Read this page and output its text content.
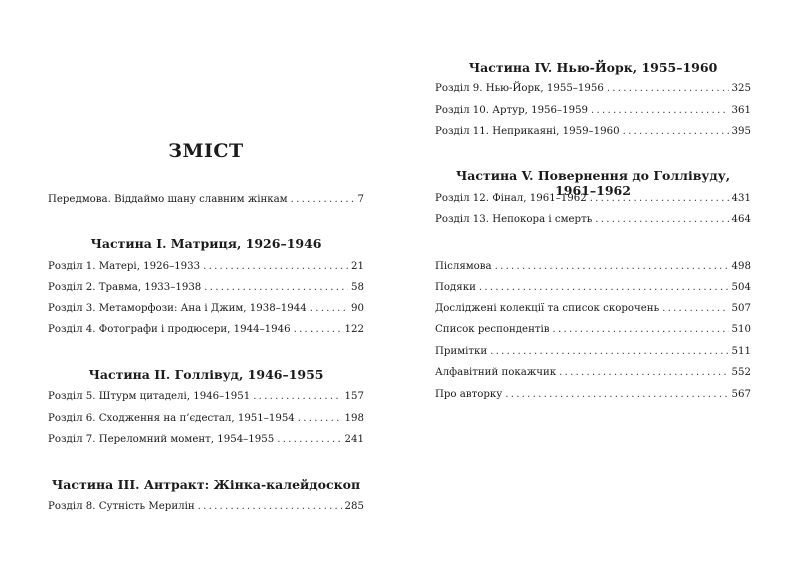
ЗМІСТ
Передмова. Віддаймо шану славним жінкам . . .	7
Частина І. Матриця, 1926–1946
Розділ 1. Матері, 1926–1933 . . .	21
Розділ 2. Травма, 1933–1938 . . .	58
Розділ 3. Метаморфози: Ана і Джим, 1938–1944 . . .	90
Розділ 4. Фотографи і продюсери, 1944–1946 . . .	122
Частина ІІ. Голлівуд, 1946–1955
Розділ 5. Штурм цитаделі, 1946–1951 . . .	157
Розділ 6. Сходження на п’єдестал, 1951–1954 . . .	198
Розділ 7. Переломний момент, 1954–1955 . . .	241
Частина ІІІ. Антракт: Жінка-калейдоскоп
Розділ 8. Сутність Мерилін . . .	285
Частина IV. Нью-Йорк, 1955–1960
Розділ 9. Нью-Йорк, 1955–1956 . . .	325
Розділ 10. Артур, 1956–1959 . . .	361
Розділ 11. Неприкаяні, 1959–1960 . . .	395
Частина V. Повернення до Голлівуду, 1961–1962
Розділ 12. Фінал, 1961–1962 . . .	431
Розділ 13. Непокора і смерть . . .	464
Післямова . . .	498
Подяки . . .	504
Досліджені колекції та список скорочень . . .	507
Список респондентів . . .	510
Примітки . . .	511
Алфавітний покажчик . . .	552
Про авторку . . .	567
